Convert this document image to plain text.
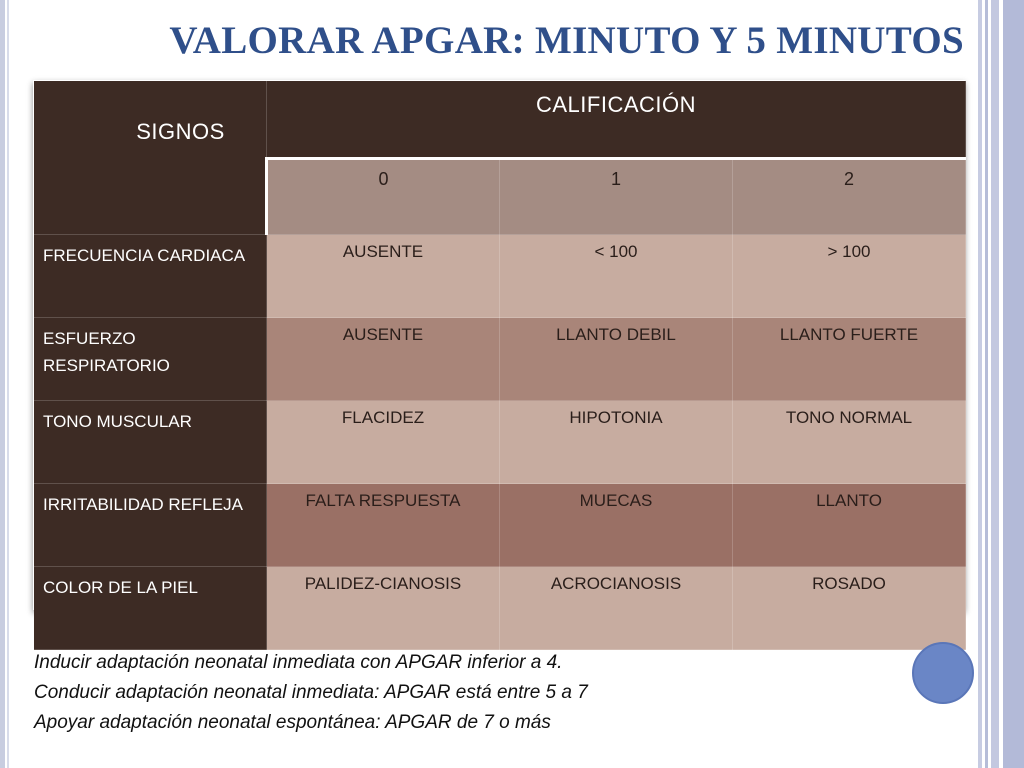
VALORAR APGAR: MINUTO Y 5 MINUTOS
SIGNOS	CALIFICACIÓN		

	0	1	2

FRECUENCIA CARDIACA	AUSENTE	< 100	> 100
ESFUERZO RESPIRATORIO	AUSENTE	LLANTO DEBIL	LLANTO FUERTE
TONO MUSCULAR	FLACIDEZ	HIPOTONIA	TONO NORMAL
IRRITABILIDAD REFLEJA	FALTA RESPUESTA	MUECAS	LLANTO
COLOR DE LA PIEL	PALIDEZ-CIANOSIS	ACROCIANOSIS	ROSADO
Inducir adaptación neonatal inmediata con APGAR inferior a 4.
Conducir adaptación neonatal inmediata: APGAR está entre 5 a 7
Apoyar adaptación neonatal espontánea: APGAR de 7 o más
